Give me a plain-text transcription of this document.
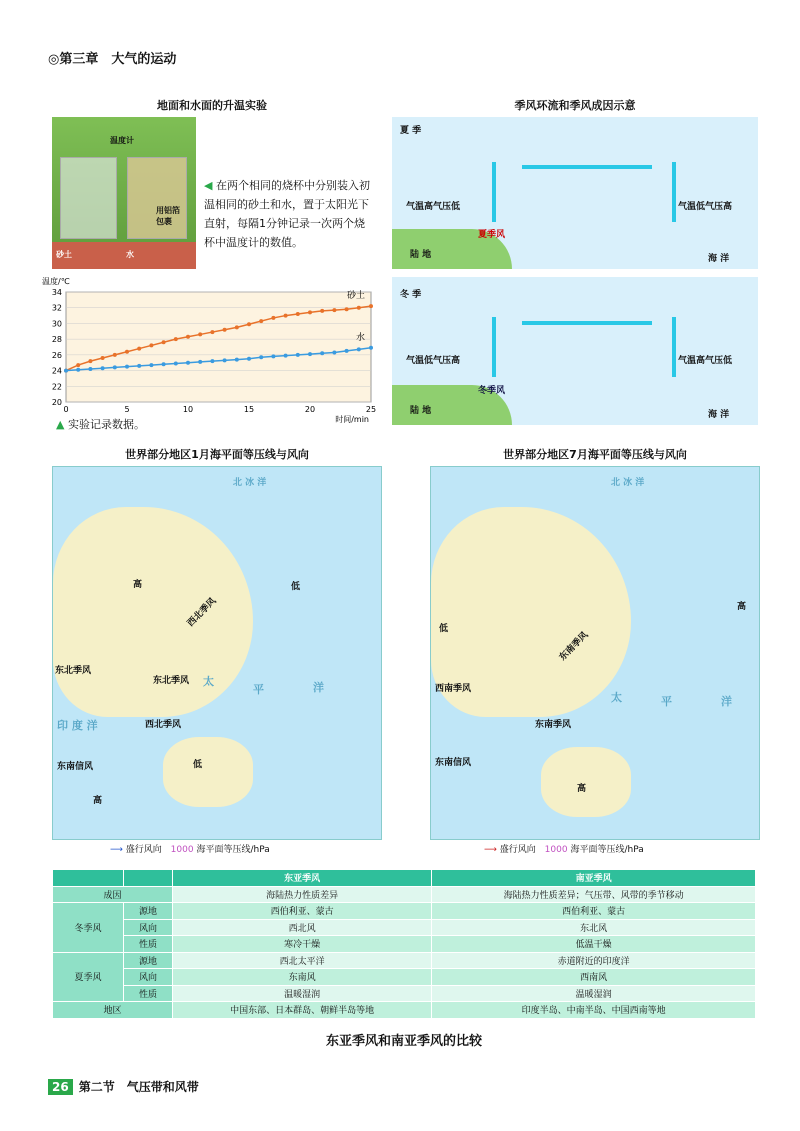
◎第三章　大气的运动
地面和水面的升温实验
温度计
用铝箔包裹
砂土	水
◀ 在两个相同的烧杯中分别装入初温相同的砂土和水，置于太阳光下直射，每隔1分钟记录一次两个烧杯中温度计的数值。
34
32
30
28
26
24
22
20
0	5	10	15	20	25
温度/℃
时间/min
砂土
水
▲ 实验记录数据。
季风环流和季风成因示意
夏 季
气温高气压低	气温低气压高
夏季风
陆 地	海 洋
冬 季
气温低气压高	气温高气压低
冬季风
陆 地	海 洋
世界部分地区1月海平面等压线与风向
北 冰 洋
高	低
西北季风
东北季风
东北季风 太
平	洋
西北季风
印 度 洋
东南信风	低
高
世界部分地区7月海平面等压线与风向
北 冰 洋
低
东南季风
西南季风
东南季风
太	平	洋
东南信风
高
高
⟶ 盛行风向 1000 海平面等压线/hPa	⟶ 盛行风向 1000 海平面等压线/hPa
		东亚季风	南亚季风
成因		海陆热力性质差异	海陆热力性质差异；气压带、风带的季节移动
冬季风	源地	西伯利亚、蒙古	西伯利亚、蒙古
	风向	西北风	东北风
	性质	寒冷干燥	低温干燥
夏季风	源地	西北太平洋	赤道附近的印度洋
	风向	东南风	西南风
	性质	温暖湿润	温暖湿润
地区		中国东部、日本群岛、朝鲜半岛等地	印度半岛、中南半岛、中国西南等地
东亚季风和南亚季风的比较
26 第二节　气压带和风带
